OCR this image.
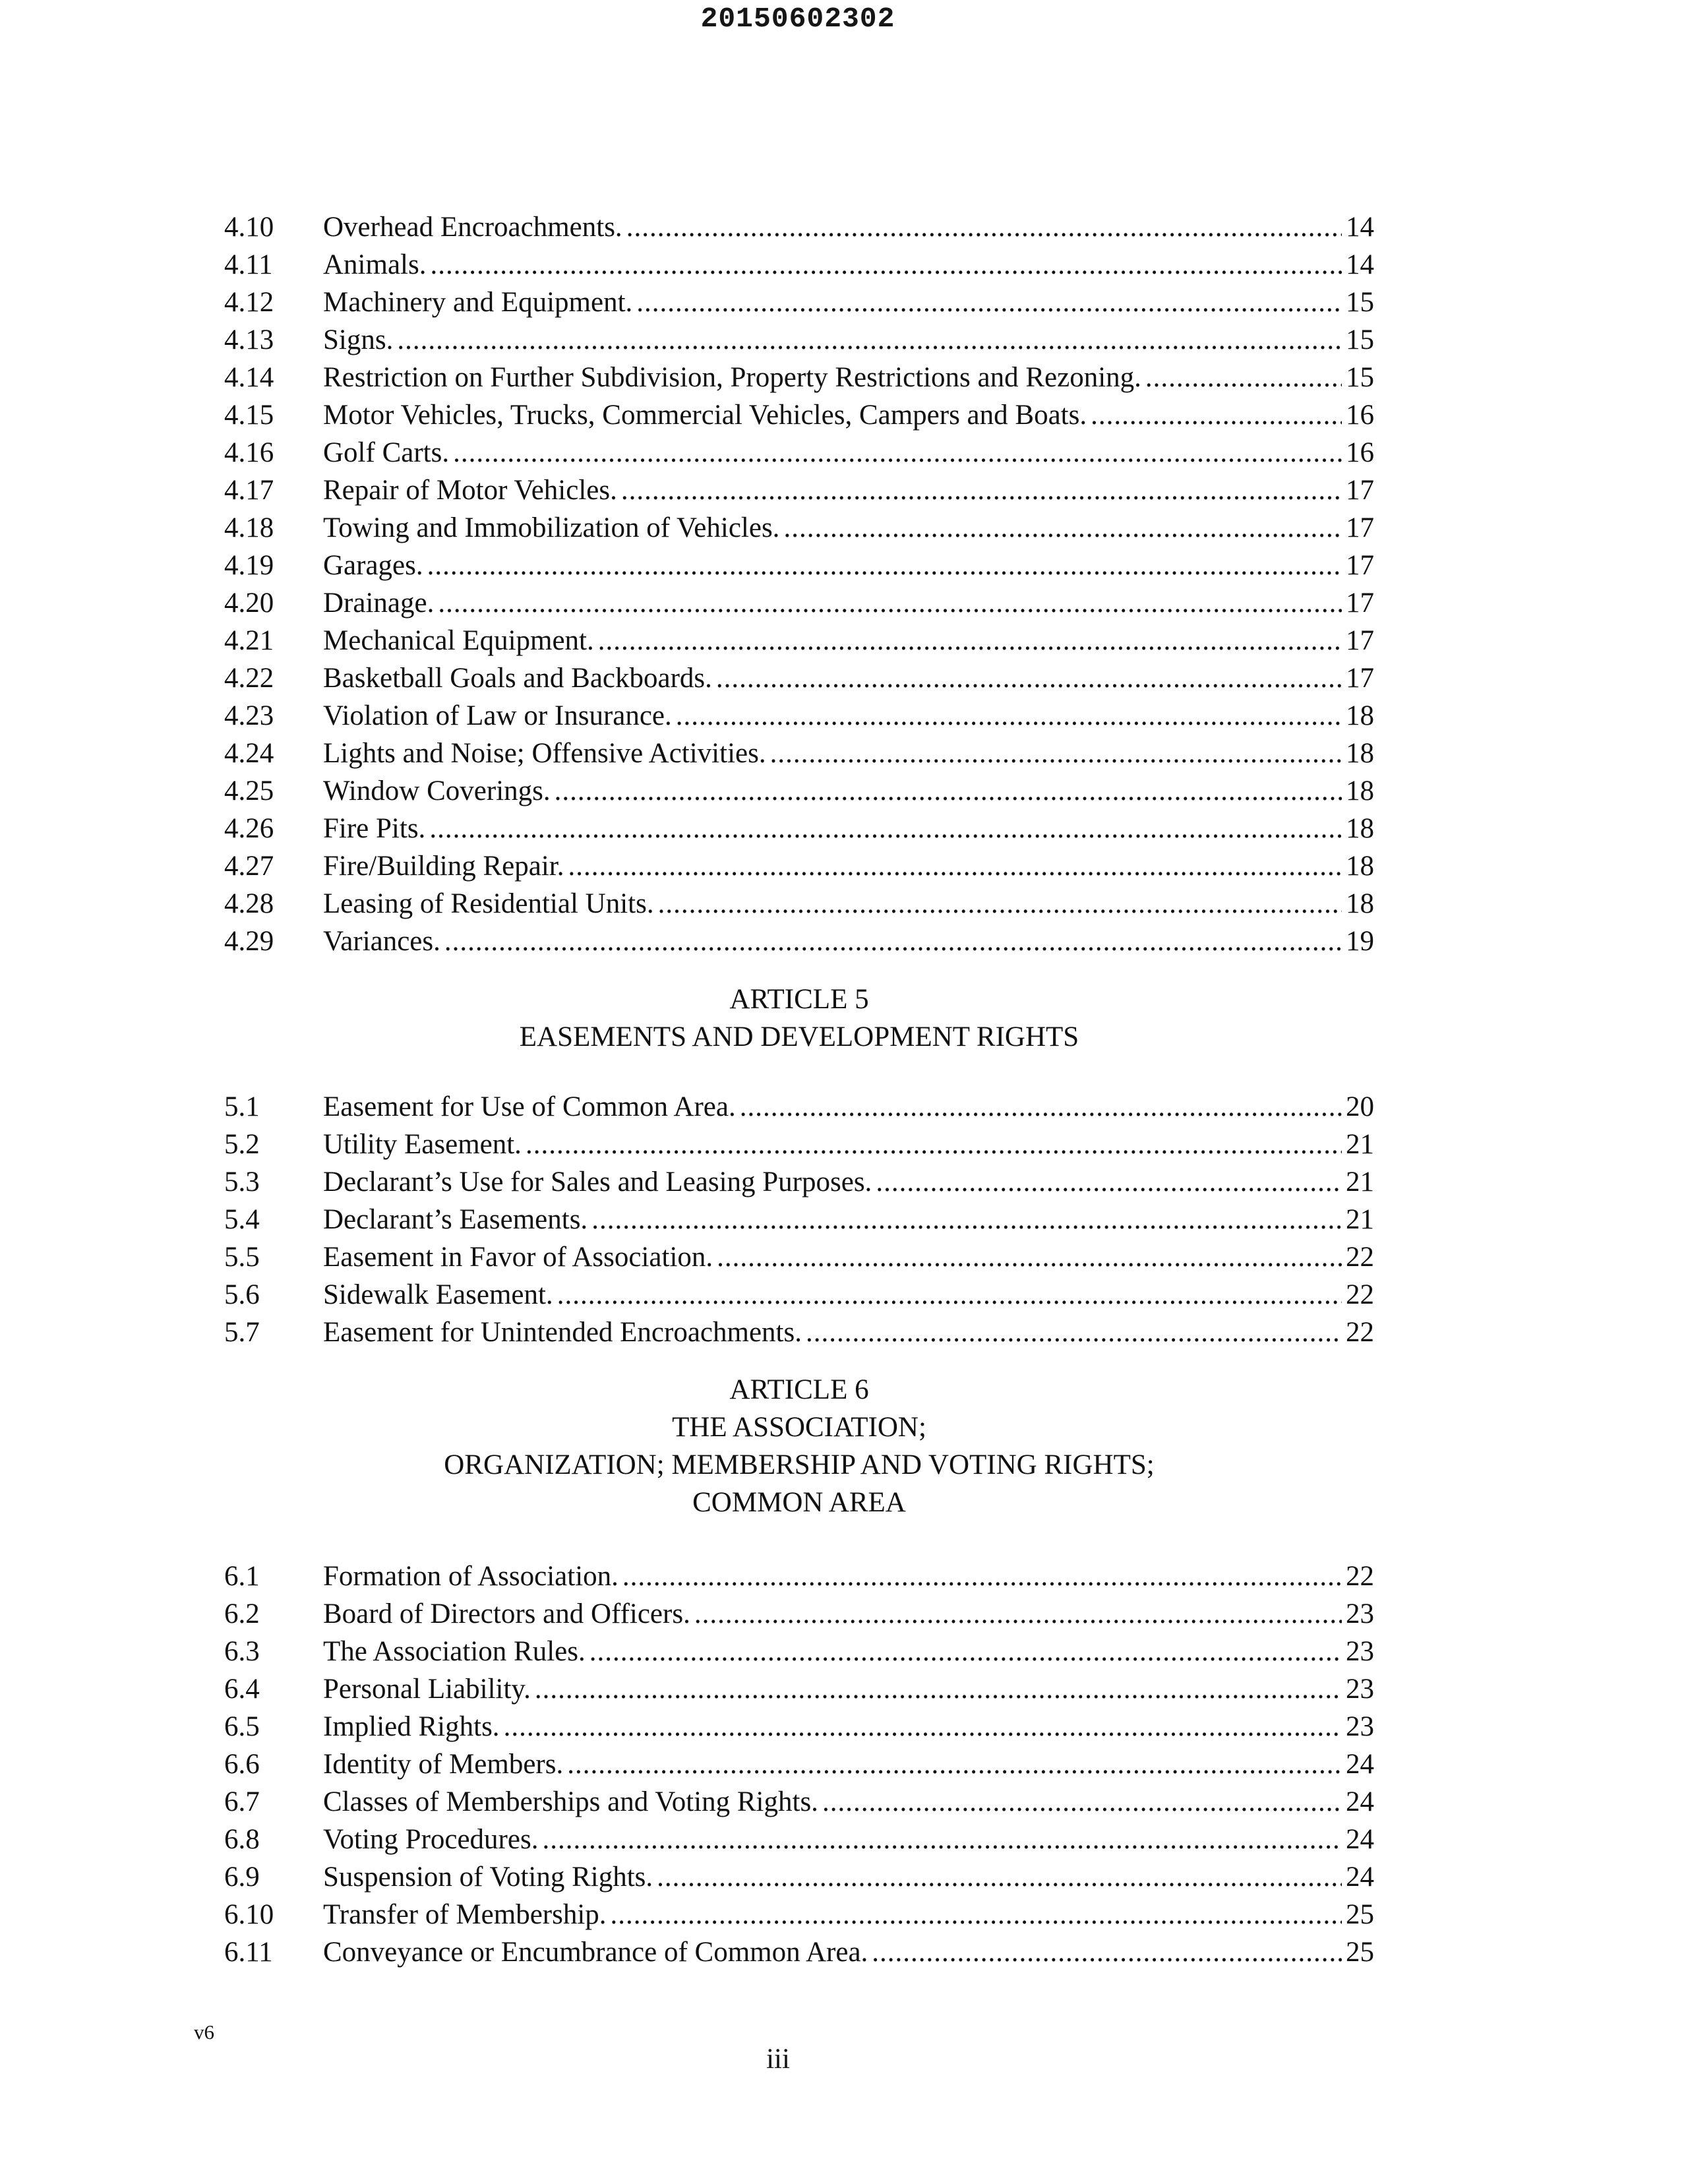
20150602302
4.10	Overhead Encroachments. .....	14
4.11	Animals. .....	14
4.12	Machinery and Equipment. .....	15
4.13	Signs. .....	15
4.14	Restriction on Further Subdivision, Property Restrictions and Rezoning. .....	15
4.15	Motor Vehicles, Trucks, Commercial Vehicles, Campers and Boats. .....	16
4.16	Golf Carts. .....	16
4.17	Repair of Motor Vehicles. .....	17
4.18	Towing and Immobilization of Vehicles. .....	17
4.19	Garages. .....	17
4.20	Drainage. .....	17
4.21	Mechanical Equipment. .....	17
4.22	Basketball Goals and Backboards. .....	17
4.23	Violation of Law or Insurance. .....	18
4.24	Lights and Noise; Offensive Activities. .....	18
4.25	Window Coverings. .....	18
4.26	Fire Pits. .....	18
4.27	Fire/Building Repair. .....	18
4.28	Leasing of Residential Units. .....	18
4.29	Variances. .....	19
ARTICLE 5
EASEMENTS AND DEVELOPMENT RIGHTS
5.1	Easement for Use of Common Area. .....	20
5.2	Utility Easement. .....	21
5.3	Declarant’s Use for Sales and Leasing Purposes. .....	21
5.4	Declarant’s Easements. .....	21
5.5	Easement in Favor of Association. .....	22
5.6	Sidewalk Easement. .....	22
5.7	Easement for Unintended Encroachments. .....	22
ARTICLE 6
THE ASSOCIATION;
ORGANIZATION; MEMBERSHIP AND VOTING RIGHTS;
COMMON AREA
6.1	Formation of Association. .....	22
6.2	Board of Directors and Officers. .....	23
6.3	The Association Rules. .....	23
6.4	Personal Liability. .....	23
6.5	Implied Rights. .....	23
6.6	Identity of Members. .....	24
6.7	Classes of Memberships and Voting Rights. .....	24
6.8	Voting Procedures. .....	24
6.9	Suspension of Voting Rights. .....	24
6.10	Transfer of Membership. .....	25
6.11	Conveyance or Encumbrance of Common Area. .....	25
v6
iii
